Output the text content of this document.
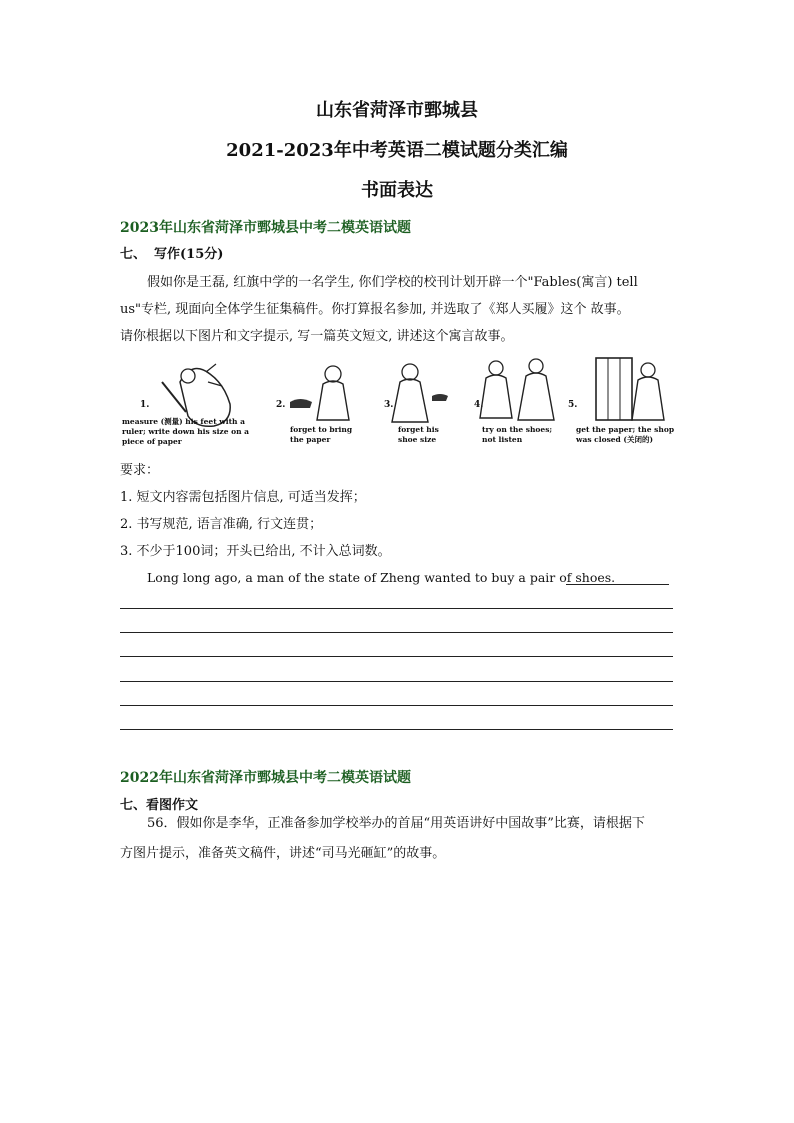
山东省菏泽市鄄城县
2021-2023年中考英语二模试题分类汇编
书面表达
2023年山东省菏泽市鄄城县中考二模英语试题
七、 写作(15分)
假如你是王磊, 红旗中学的一名学生, 你们学校的校刊计划开辟一个"Fables(寓言) tell
us"专栏, 现面向全体学生征集稿件。你打算报名参加, 并选取了《郑人买履》这个 故事。
请你根据以下图片和文字提示, 写一篇英文短文, 讲述这个寓言故事。
1.
measure (测量) his feet with a
ruler; write down his size on a
piece of paper
2.
forget to bring
the paper
3.
forget his
shoe size
4.
try on the shoes;
not listen
5.
get the paper; the shop
was closed (关闭的)
要求：
1. 短文内容需包括图片信息, 可适当发挥；
2. 书写规范, 语言准确, 行文连贯；
3. 不少于100词；开头已给出, 不计入总词数。
Long long ago, a man of the state of Zheng wanted to buy a pair of shoes.
2022年山东省菏泽市鄄城县中考二模英语试题
七、看图作文
56．假如你是李华，正准备参加学校举办的首届“用英语讲好中国故事”比赛，请根据下
方图片提示，准备英文稿件，讲述“司马光砸缸”的故事。
